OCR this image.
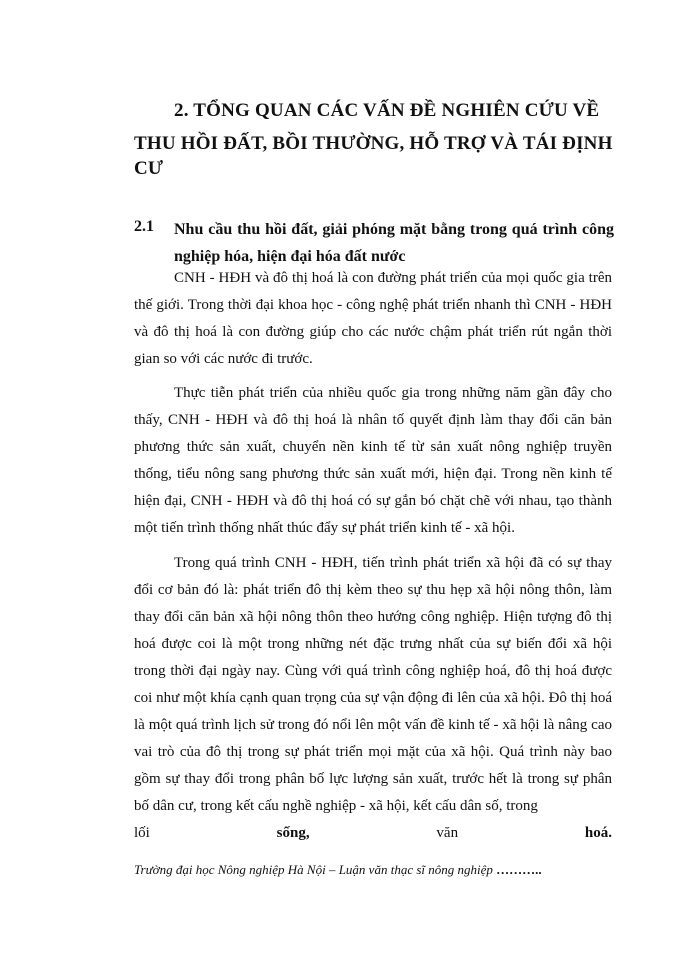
2. TỔNG QUAN CÁC VẤN ĐỀ NGHIÊN CỨU VỀ
THU HỒI ĐẤT, BỒI THƯỜNG, HỖ TRỢ VÀ TÁI ĐỊNH
CƯ
2.1 Nhu cầu thu hồi đất, giải phóng mặt bằng trong quá trình công nghiệp hóa, hiện đại hóa đất nước

CNH - HĐH và đô thị hoá là con đường phát triển của mọi quốc gia trên thế giới. Trong thời đại khoa học - công nghệ phát triển nhanh thì CNH - HĐH và đô thị hoá là con đường giúp cho các nước chậm phát triển rút ngắn thời gian so với các nước đi trước.

Thực tiễn phát triển của nhiều quốc gia trong những năm gần đây cho thấy, CNH - HĐH và đô thị hoá là nhân tố quyết định làm thay đổi căn bản phương thức sản xuất, chuyển nền kinh tế từ sản xuất nông nghiệp truyền thống, tiểu nông sang phương thức sản xuất mới, hiện đại. Trong nền kinh tế hiện đại, CNH - HĐH và đô thị hoá có sự gắn bó chặt chẽ với nhau, tạo thành một tiến trình thống nhất thúc đẩy sự phát triển kinh tế - xã hội.

Trong quá trình CNH - HĐH, tiến trình phát triển xã hội đã có sự thay đổi cơ bản đó là: phát triển đô thị kèm theo sự thu hẹp xã hội nông thôn, làm thay đổi căn bản xã hội nông thôn theo hướng công nghiệp. Hiện tượng đô thị hoá được coi là một trong những nét đặc trưng nhất của sự biến đổi xã hội trong thời đại ngày nay. Cùng với quá trình công nghiệp hoá, đô thị hoá được coi như một khía cạnh quan trọng của sự vận động đi lên của xã hội. Đô thị hoá là một quá trình lịch sử trong đó nổi lên một vấn đề kinh tế - xã hội là nâng cao vai trò của đô thị trong sự phát triển mọi mặt của xã hội. Quá trình này bao gồm sự thay đổi trong phân bố lực lượng sản xuất, trước hết là trong sự phân bố dân cư, trong kết cấu nghề nghiệp - xã hội, kết cấu dân số, trong
lối	sống,	văn	hoá.
Trường đại học Nông nghiệp Hà Nội – Luận văn thạc sĩ nông nghiệp ………..
